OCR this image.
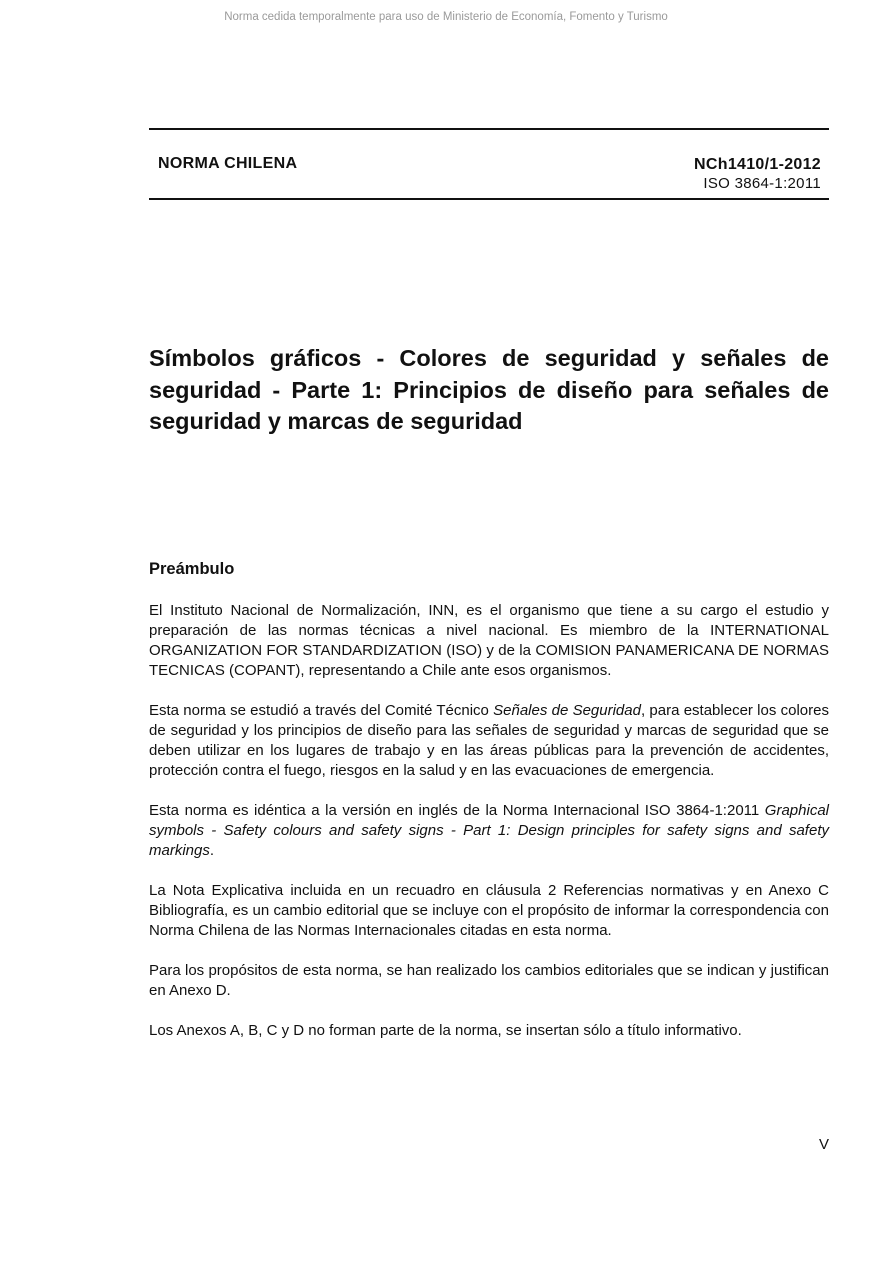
Norma cedida temporalmente para uso de Ministerio de Economía, Fomento y Turismo
NORMA CHILENA	NCh1410/1-2012
ISO 3864-1:2011
Símbolos gráficos - Colores de seguridad y señales de seguridad - Parte 1: Principios de diseño para señales de seguridad y marcas de seguridad
Preámbulo

El Instituto Nacional de Normalización, INN, es el organismo que tiene a su cargo el estudio y preparación de las normas técnicas a nivel nacional. Es miembro de la INTERNATIONAL ORGANIZATION FOR STANDARDIZATION (ISO) y de la COMISION PANAMERICANA DE NORMAS TECNICAS (COPANT), representando a Chile ante esos organismos.

Esta norma se estudió a través del Comité Técnico Señales de Seguridad, para establecer los colores de seguridad y los principios de diseño para las señales de seguridad y marcas de seguridad que se deben utilizar en los lugares de trabajo y en las áreas públicas para la prevención de accidentes, protección contra el fuego, riesgos en la salud y en las evacuaciones de emergencia.

Esta norma es idéntica a la versión en inglés de la Norma Internacional ISO 3864-1:2011 Graphical symbols - Safety colours and safety signs - Part 1: Design principles for safety signs and safety markings.

La Nota Explicativa incluida en un recuadro en cláusula 2 Referencias normativas y en Anexo C Bibliografía, es un cambio editorial que se incluye con el propósito de informar la correspondencia con Norma Chilena de las Normas Internacionales citadas en esta norma.

Para los propósitos de esta norma, se han realizado los cambios editoriales que se indican y justifican en Anexo D.

Los Anexos A, B, C y D no forman parte de la norma, se insertan sólo a título informativo.

V
